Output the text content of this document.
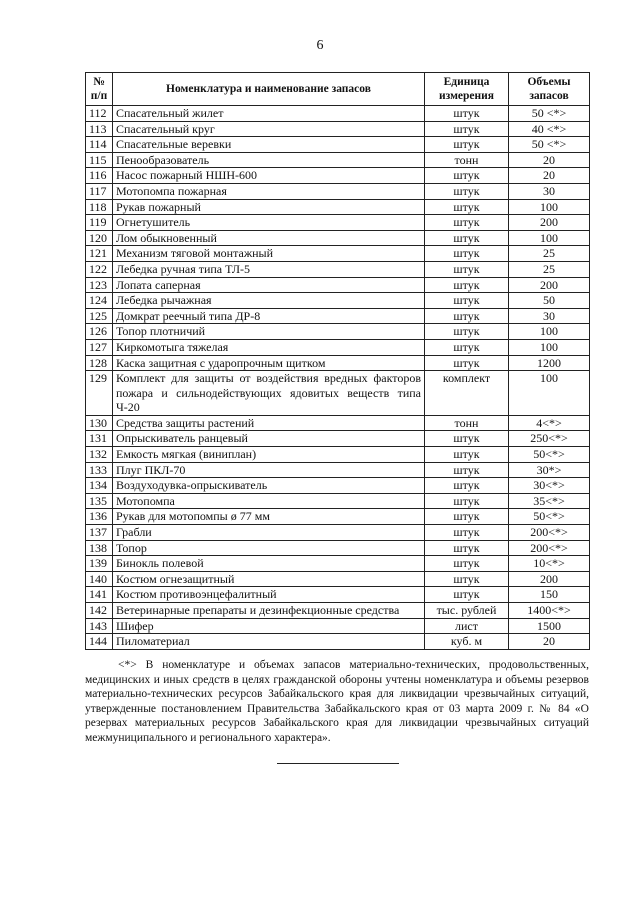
6
№ п/п	Номенклатура и наименование запасов	Единица измерения	Объемы запасов
112	Спасательный жилет	штук	50 <*>
113	Спасательный круг	штук	40 <*>
114	Спасательные веревки	штук	50 <*>
115	Пенообразователь	тонн	20
116	Насос пожарный НШН-600	штук	20
117	Мотопомпа пожарная	штук	30
118	Рукав пожарный	штук	100
119	Огнетушитель	штук	200
120	Лом обыкновенный	штук	100
121	Механизм тяговой монтажный	штук	25
122	Лебедка ручная типа ТЛ-5	штук	25
123	Лопата саперная	штук	200
124	Лебедка рычажная	штук	50
125	Домкрат реечный типа ДР-8	штук	30
126	Топор плотничий	штук	100
127	Киркомотыга тяжелая	штук	100
128	Каска защитная с ударопрочным щитком	штук	1200
129	Комплект для защиты от воздействия вредных факторов пожара и сильнодействующих ядовитых веществ типа Ч-20	комплект	100
130	Средства защиты растений	тонн	4<*>
131	Опрыскиватель ранцевый	штук	250<*>
132	Емкость мягкая (виниплан)	штук	50<*>
133	Плуг ПКЛ-70	штук	30*>
134	Воздуходувка-опрыскиватель	штук	30<*>
135	Мотопомпа	штук	35<*>
136	Рукав для мотопомпы ø 77 мм	штук	50<*>
137	Грабли	штук	200<*>
138	Топор	штук	200<*>
139	Бинокль полевой	штук	10<*>
140	Костюм огнезащитный	штук	200
141	Костюм противоэнцефалитный	штук	150
142	Ветеринарные препараты и дезинфекционные средства	тыс. рублей	1400<*>
143	Шифер	лист	1500
144	Пиломатериал	куб. м	20

<*> В номенклатуре и объемах запасов материально-технических, продовольственных, медицинских и иных средств в целях гражданской обороны учтены номенклатура и объемы резервов материально-технических ресурсов Забайкальского края для ликвидации чрезвычайных ситуаций, утвержденные постановлением Правительства Забайкальского края от 03 марта 2009 г. № 84 «О резервах материальных ресурсов Забайкальского края для ликвидации чрезвычайных ситуаций межмуниципального и регионального характера».
